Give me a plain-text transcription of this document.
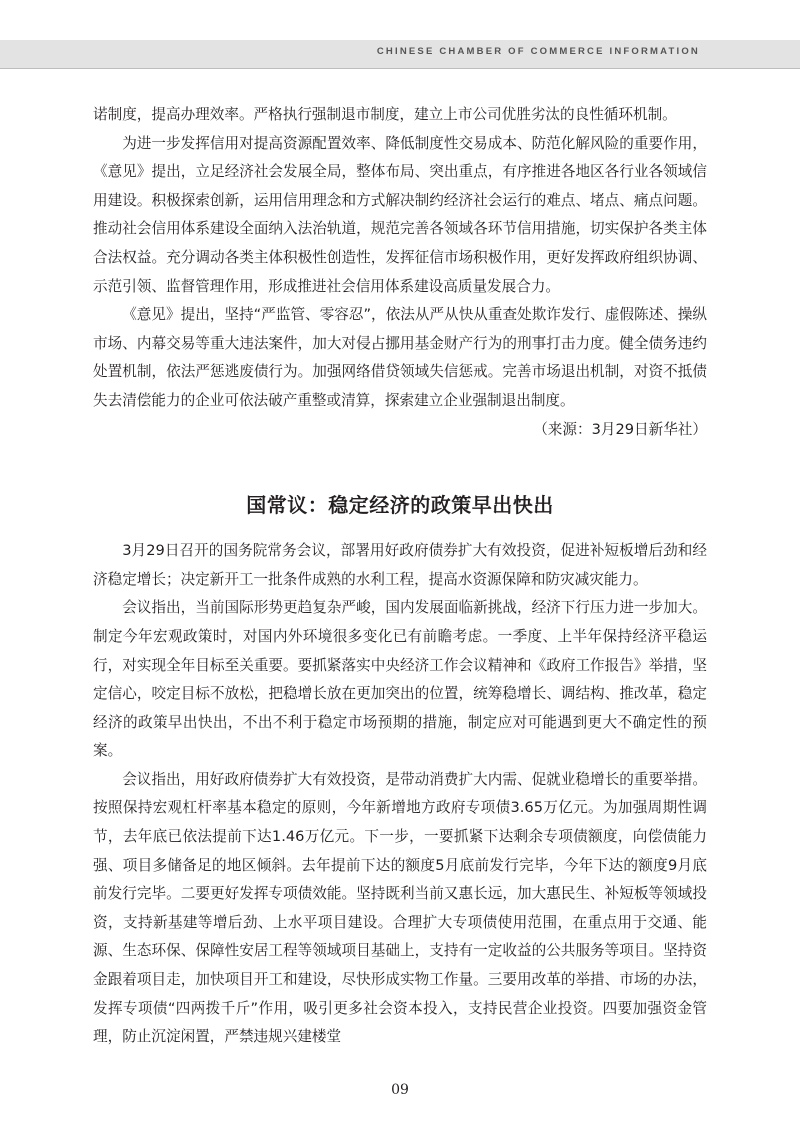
CHINESE CHAMBER OF COMMERCE INFORMATION

诺制度，提高办理效率。严格执行强制退市制度，建立上市公司优胜劣汰的良性循环机制。

为进一步发挥信用对提高资源配置效率、降低制度性交易成本、防范化解风险的重要作用，《意见》提出，立足经济社会发展全局，整体布局、突出重点，有序推进各地区各行业各领域信用建设。积极探索创新，运用信用理念和方式解决制约经济社会运行的难点、堵点、痛点问题。推动社会信用体系建设全面纳入法治轨道，规范完善各领域各环节信用措施，切实保护各类主体合法权益。充分调动各类主体积极性创造性，发挥征信市场积极作用，更好发挥政府组织协调、示范引领、监督管理作用，形成推进社会信用体系建设高质量发展合力。

《意见》提出，坚持“严监管、零容忍”，依法从严从快从重查处欺诈发行、虚假陈述、操纵市场、内幕交易等重大违法案件，加大对侵占挪用基金财产行为的刑事打击力度。健全债务违约处置机制，依法严惩逃废债行为。加强网络借贷领域失信惩戒。完善市场退出机制，对资不抵债失去清偿能力的企业可依法破产重整或清算，探索建立企业强制退出制度。

（来源：3月29日新华社）

国常议：稳定经济的政策早出快出

3月29日召开的国务院常务会议，部署用好政府债券扩大有效投资，促进补短板增后劲和经济稳定增长；决定新开工一批条件成熟的水利工程，提高水资源保障和防灾减灾能力。

会议指出，当前国际形势更趋复杂严峻，国内发展面临新挑战，经济下行压力进一步加大。制定今年宏观政策时，对国内外环境很多变化已有前瞻考虑。一季度、上半年保持经济平稳运行，对实现全年目标至关重要。要抓紧落实中央经济工作会议精神和《政府工作报告》举措，坚定信心，咬定目标不放松，把稳增长放在更加突出的位置，统筹稳增长、调结构、推改革，稳定经济的政策早出快出，不出不利于稳定市场预期的措施，制定应对可能遇到更大不确定性的预案。

会议指出，用好政府债券扩大有效投资，是带动消费扩大内需、促就业稳增长的重要举措。按照保持宏观杠杆率基本稳定的原则，今年新增地方政府专项债3.65万亿元。为加强周期性调节，去年底已依法提前下达1.46万亿元。下一步，一要抓紧下达剩余专项债额度，向偿债能力强、项目多储备足的地区倾斜。去年提前下达的额度5月底前发行完毕，今年下达的额度9月底前发行完毕。二要更好发挥专项债效能。坚持既利当前又惠长远，加大惠民生、补短板等领域投资，支持新基建等增后劲、上水平项目建设。合理扩大专项债使用范围，在重点用于交通、能源、生态环保、保障性安居工程等领域项目基础上，支持有一定收益的公共服务等项目。坚持资金跟着项目走，加快项目开工和建设，尽快形成实物工作量。三要用改革的举措、市场的办法，发挥专项债“四两拨千斤”作用，吸引更多社会资本投入，支持民营企业投资。四要加强资金管理，防止沉淀闲置，严禁违规兴建楼堂

09
